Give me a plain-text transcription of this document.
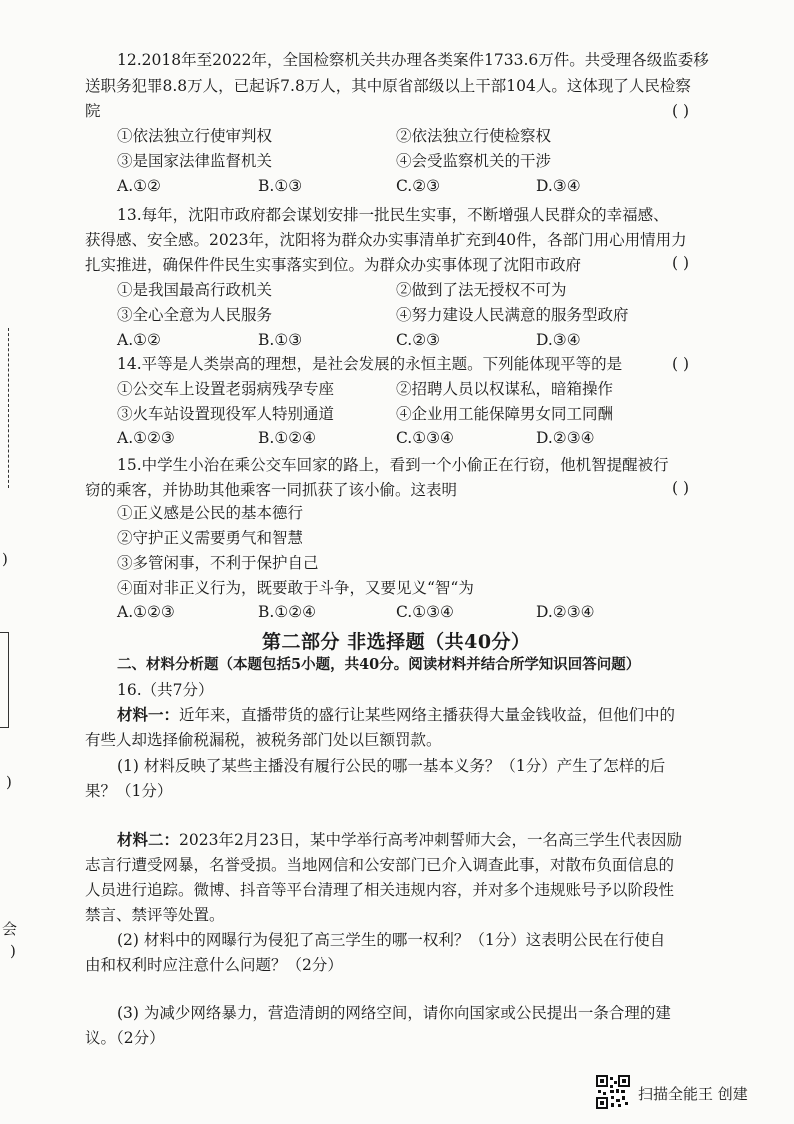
)
)
会
)
12.2018年至2022年，全国检察机关共办理各类案件1733.6万件。共受理各级监委移
送职务犯罪8.8万人，已起诉7.8万人，其中原省部级以上干部104人。这体现了人民检察
院	( )
①依法独立行使审判权	②依法独立行使检察权
③是国家法律监督机关	④会受监察机关的干涉
A.①②	B.①③	C.②③	D.③④
13.每年，沈阳市政府都会谋划安排一批民生实事，不断增强人民群众的幸福感、
获得感、安全感。2023年，沈阳将为群众办实事清单扩充到40件，各部门用心用情用力
扎实推进，确保件件民生实事落实到位。为群众办实事体现了沈阳市政府	( )
①是我国最高行政机关	②做到了法无授权不可为
③全心全意为人民服务	④努力建设人民满意的服务型政府
A.①②	B.①③	C.②③	D.③④
14.平等是人类崇高的理想，是社会发展的永恒主题。下列能体现平等的是	( )
①公交车上设置老弱病残孕专座	②招聘人员以权谋私，暗箱操作
③火车站设置现役军人特别通道	④企业用工能保障男女同工同酬
A.①②③	B.①②④	C.①③④	D.②③④
15.中学生小治在乘公交车回家的路上，看到一个小偷正在行窃，他机智提醒被行
窃的乘客，并协助其他乘客一同抓获了该小偷。这表明	( )
①正义感是公民的基本德行
②守护正义需要勇气和智慧
③多管闲事，不利于保护自己
④面对非正义行为，既要敢于斗争，又要见义“智“为
A.①②③	B.①②④	C.①③④	D.②③④
第二部分 非选择题（共40分）
二、材料分析题（本题包括5小题，共40分。阅读材料并结合所学知识回答问题）
16.（共7分）
材料一：近年来，直播带货的盛行让某些网络主播获得大量金钱收益，但他们中的
有些人却选择偷税漏税，被税务部门处以巨额罚款。
(1) 材料反映了某些主播没有履行公民的哪一基本义务？（1分）产生了怎样的后
果？（1分）
材料二：2023年2月23日，某中学举行高考冲刺誓师大会，一名高三学生代表因励
志言行遭受网暴，名誉受损。当地网信和公安部门已介入调查此事，对散布负面信息的
人员进行追踪。微博、抖音等平台清理了相关违规内容，并对多个违规账号予以阶段性
禁言、禁评等处置。
(2) 材料中的网曝行为侵犯了高三学生的哪一权利？（1分）这表明公民在行使自
由和权利时应注意什么问题？（2分）
(3) 为减少网络暴力，营造清朗的网络空间，请你向国家或公民提出一条合理的建
议。（2分）
扫描全能王 创建
